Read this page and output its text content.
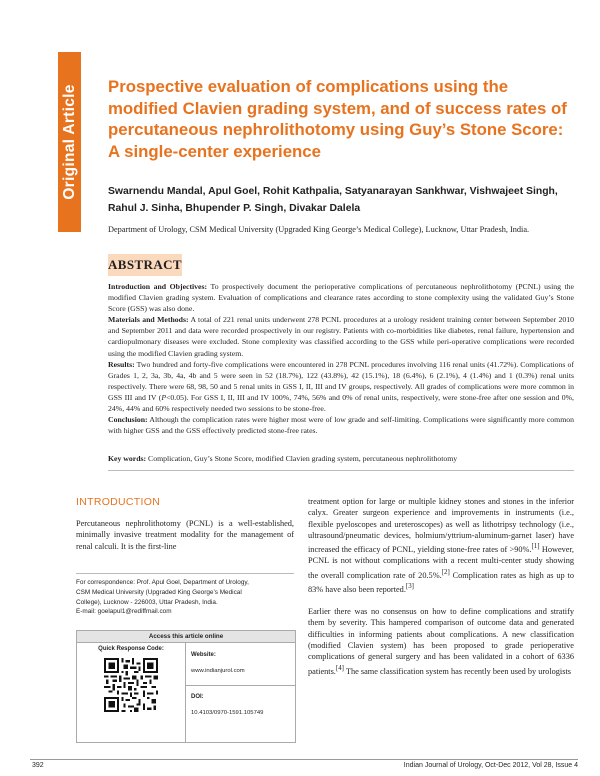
Original Article Prospective evaluation of complications using the modified Clavien grading system, and of success rates of percutaneous nephrolithotomy using Guy’s Stone Score: A single-center experience

Swarnendu Mandal, Apul Goel, Rohit Kathpalia, Satyanarayan Sankhwar, Vishwajeet Singh, Rahul J. Sinha, Bhupender P. Singh, Divakar Dalela

Department of Urology, CSM Medical University (Upgraded King George’s Medical College), Lucknow, Uttar Pradesh, India.

ABSTRACT

Introduction and Objectives: To prospectively document the perioperative complications of percutaneous nephrolithotomy (PCNL) using the modified Clavien grading system. Evaluation of complications and clearance rates according to stone complexity using the validated Guy’s Stone Score (GSS) was also done.

Materials and Methods: A total of 221 renal units underwent 278 PCNL procedures at a urology resident training center between September 2010 and September 2011 and data were recorded prospectively in our registry. Patients with co-morbidities like diabetes, renal failure, hypertension and cardiopulmonary diseases were excluded. Stone complexity was classified according to the GSS while peri-operative complications were recorded using the modified Clavien grading system.

Results: Two hundred and forty-five complications were encountered in 278 PCNL procedures involving 116 renal units (41.72%). Complications of Grades 1, 2, 3a, 3b, 4a, 4b and 5 were seen in 52 (18.7%), 122 (43.8%), 42 (15.1%), 18 (6.4%), 6 (2.1%), 4 (1.4%) and 1 (0.3%) renal units respectively. There were 68, 98, 50 and 5 renal units in GSS I, II, III and IV groups, respectively. All grades of complications were more common in GSS III and IV (P<0.05). For GSS I, II, III and IV 100%, 74%, 56% and 0% of renal units, respectively, were stone-free after one session and 0%, 24%, 44% and 60% respectively needed two sessions to be stone-free.

Conclusion: Although the complication rates were higher most were of low grade and self-limiting. Complications were significantly more common with higher GSS and the GSS effectively predicted stone-free rates.

Key words: Complication, Guy’s Stone Score, modified Clavien grading system, percutaneous nephrolithotomy
INTRODUCTION

Percutaneous nephrolithotomy (PCNL) is a well-established, minimally invasive treatment modality for the management of renal calculi. It is the first-line

For correspondence: Prof. Apul Goel, Department of Urology,
CSM Medical University (Upgraded King George’s Medical
College), Lucknow - 226003, Uttar Pradesh, India.
E-mail: goelapul1@rediffmail.com
Access this article online
Quick Response Code:
Website:
www.indianjurol.com
DOI:
10.4103/0970-1591.105749

treatment option for large or multiple kidney stones and stones in the inferior calyx. Greater surgeon experience and improvements in instruments (i.e., flexible pyeloscopes and ureteroscopes) as well as lithotripsy technology (i.e., ultrasound/pneumatic devices, holmium/yttrium-aluminum-garnet laser) have increased the efficacy of PCNL, yielding stone-free rates of >90%.[1] However, PCNL is not without complications with a recent multi-center study showing the overall complication rate of 20.5%.[2] Complication rates as high as up to 83% have also been reported.[3]

Earlier there was no consensus on how to define complications and stratify them by severity. This hampered comparison of outcome data and generated difficulties in informing patients about complications. A new classification (modified Clavien system) has been proposed to grade perioperative complications of general surgery and has been validated in a cohort of 6336 patients.[4] The same classification system has recently been used by urologists

392	Indian Journal of Urology, Oct-Dec 2012, Vol 28, Issue 4
